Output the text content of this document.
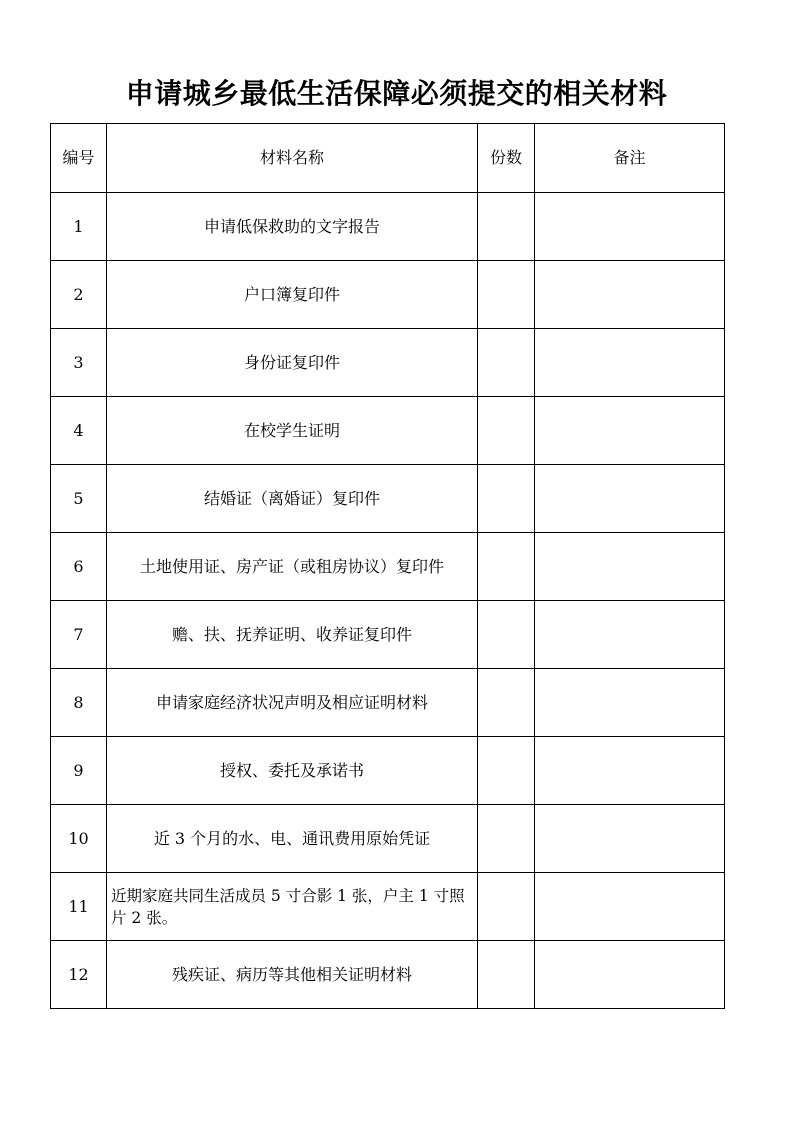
申请城乡最低生活保障必须提交的相关材料
编号	材料名称	份数	备注
1	申请低保救助的文字报告		
2	户口簿复印件		
3	身份证复印件		
4	在校学生证明		
5	结婚证（离婚证）复印件		
6	土地使用证、房产证（或租房协议）复印件		
7	赡、扶、抚养证明、收养证复印件		
8	申请家庭经济状况声明及相应证明材料		
9	授权、委托及承诺书		
10	近 3 个月的水、电、通讯费用原始凭证		
11	近期家庭共同生活成员 5 寸合影 1 张，户主 1 寸照片 2 张。		
12	残疾证、病历等其他相关证明材料		
